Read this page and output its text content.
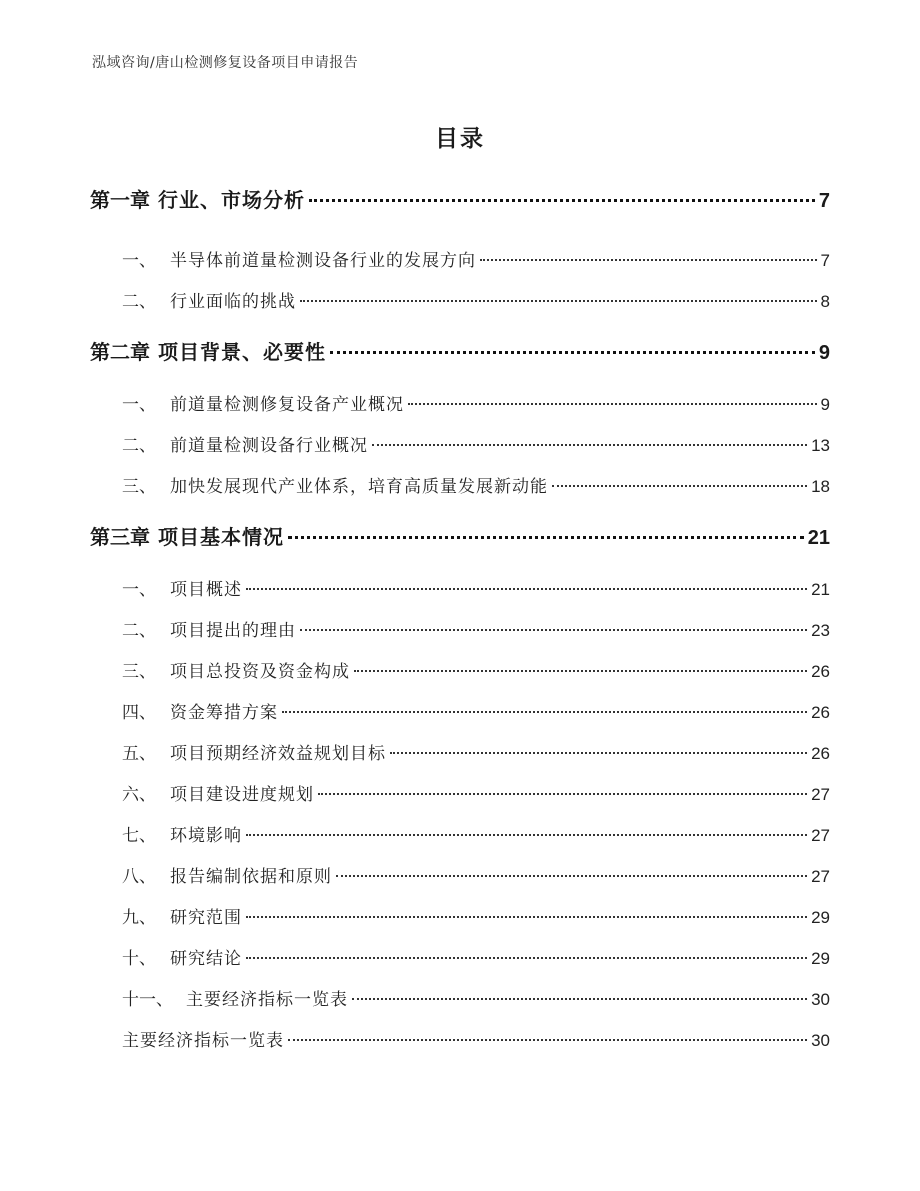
泓域咨询/唐山检测修复设备项目申请报告
目录
第一章 行业、市场分析	7
一、 半导体前道量检测设备行业的发展方向	7
二、 行业面临的挑战	8
第二章 项目背景、必要性	9
一、 前道量检测修复设备产业概况	9
二、 前道量检测设备行业概况	13
三、 加快发展现代产业体系，培育高质量发展新动能	18
第三章 项目基本情况	21
一、 项目概述	21
二、 项目提出的理由	23
三、 项目总投资及资金构成	26
四、 资金筹措方案	26
五、 项目预期经济效益规划目标	26
六、 项目建设进度规划	27
七、 环境影响	27
八、 报告编制依据和原则	27
九、 研究范围	29
十、 研究结论	29
十一、 主要经济指标一览表	30
主要经济指标一览表	30
